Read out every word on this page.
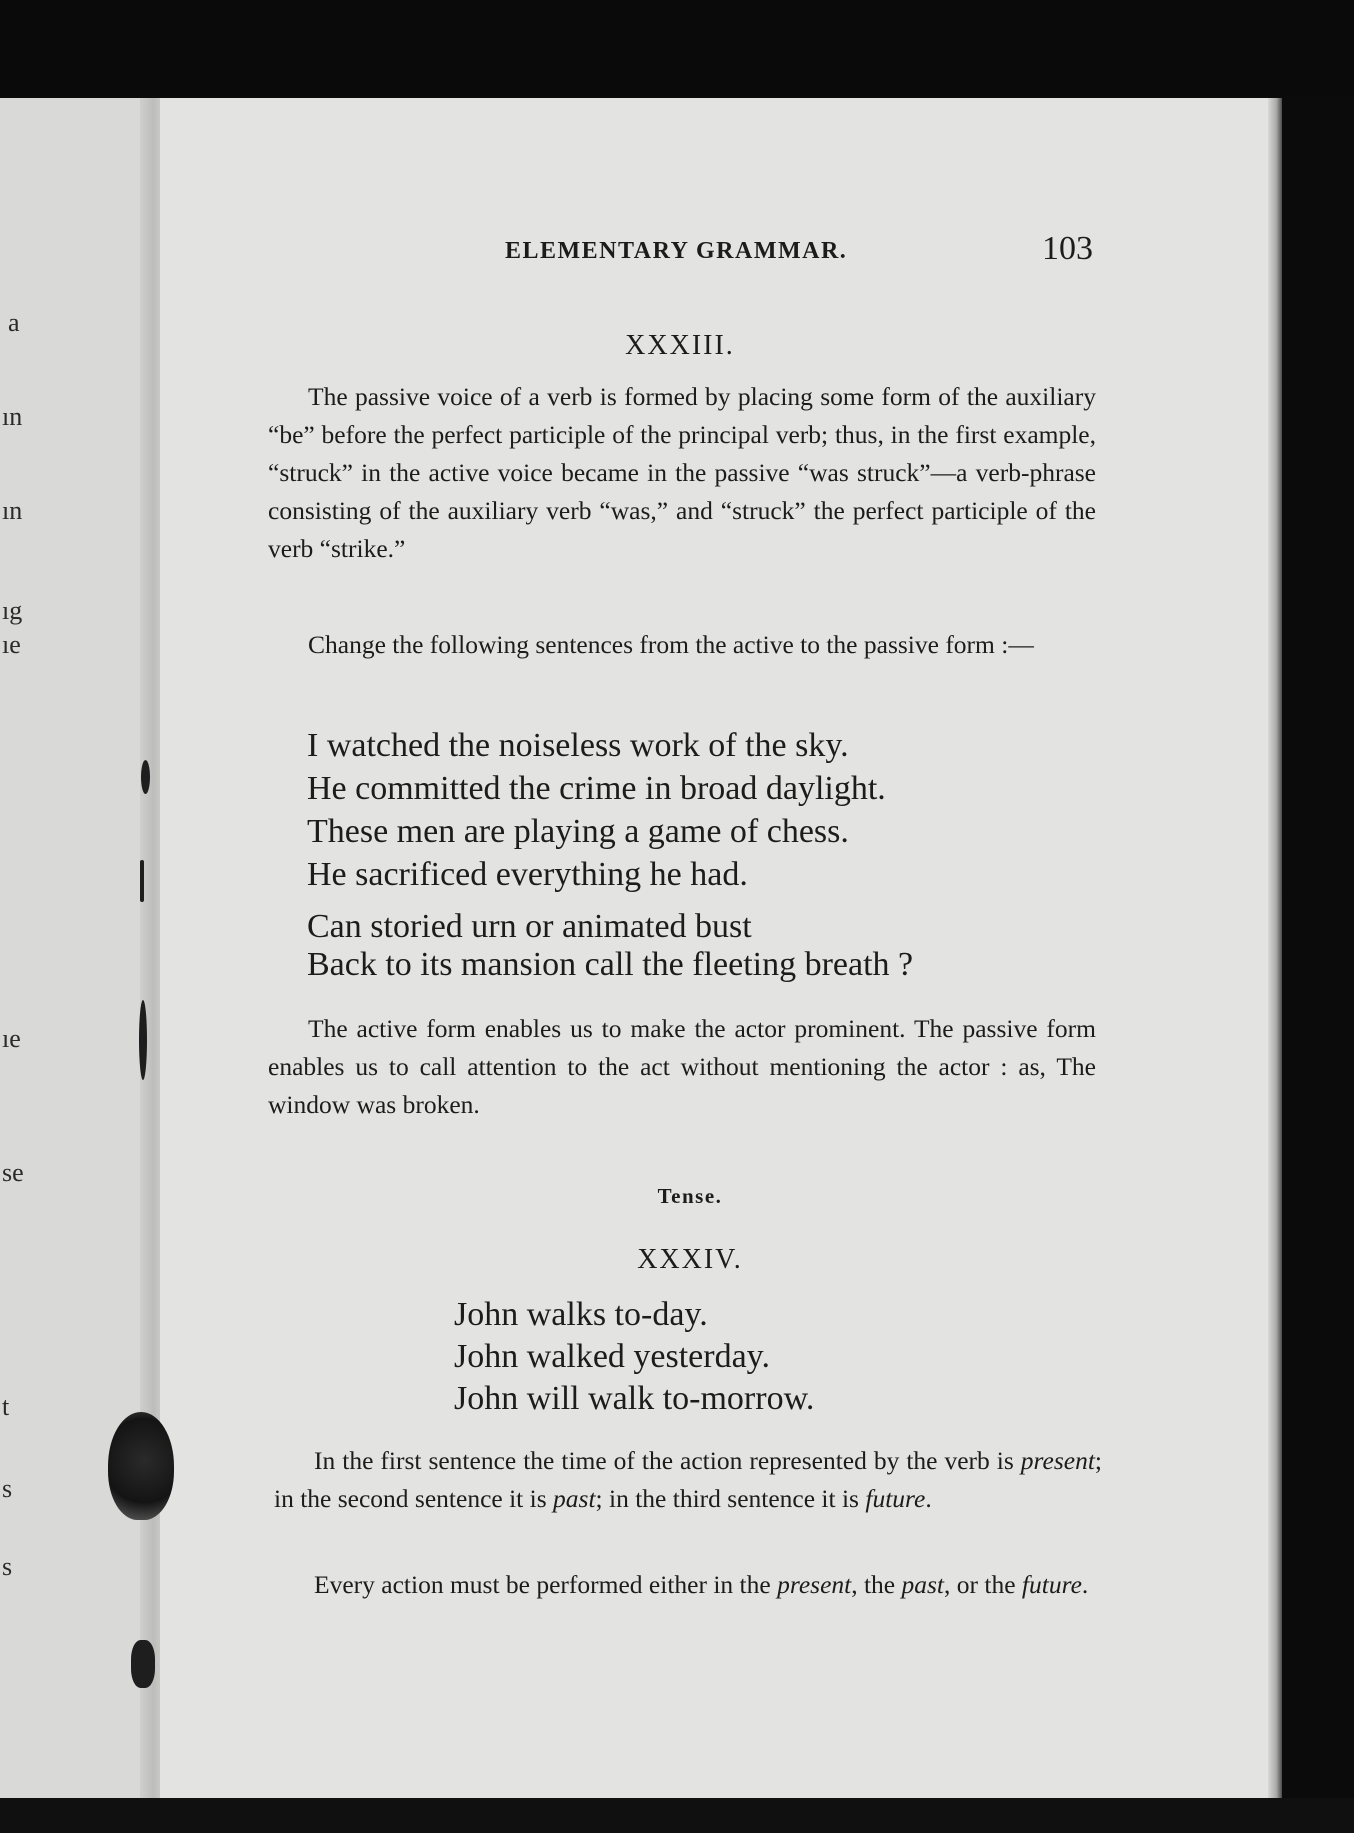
a
ın
ın
ıg
ıe
ıe
se
t
s
s
ELEMENTARY GRAMMAR.	103
XXXIII.
The passive voice of a verb is formed by placing some form of the auxiliary “be” before the perfect participle of the principal verb; thus, in the first example, “struck” in the active voice became in the passive “was struck”—a verb-phrase consisting of the auxiliary verb “was,” and “struck” the perfect participle of the verb “strike.”
Change the following sentences from the active to the passive form :—
I watched the noiseless work of the sky.
He committed the crime in broad daylight.
These men are playing a game of chess.
He sacrificed everything he had.
Can storied urn or animated bust
Back to its mansion call the fleeting breath ?
The active form enables us to make the actor prominent. The passive form enables us to call attention to the act without mentioning the actor : as, The window was broken.
Tense.
XXXIV.
John walks to-day.
John walked yesterday.
John will walk to-morrow.
In the first sentence the time of the action represented by the verb is present; in the second sentence it is past; in the third sentence it is future.
Every action must be performed either in the present, the past, or the future.
